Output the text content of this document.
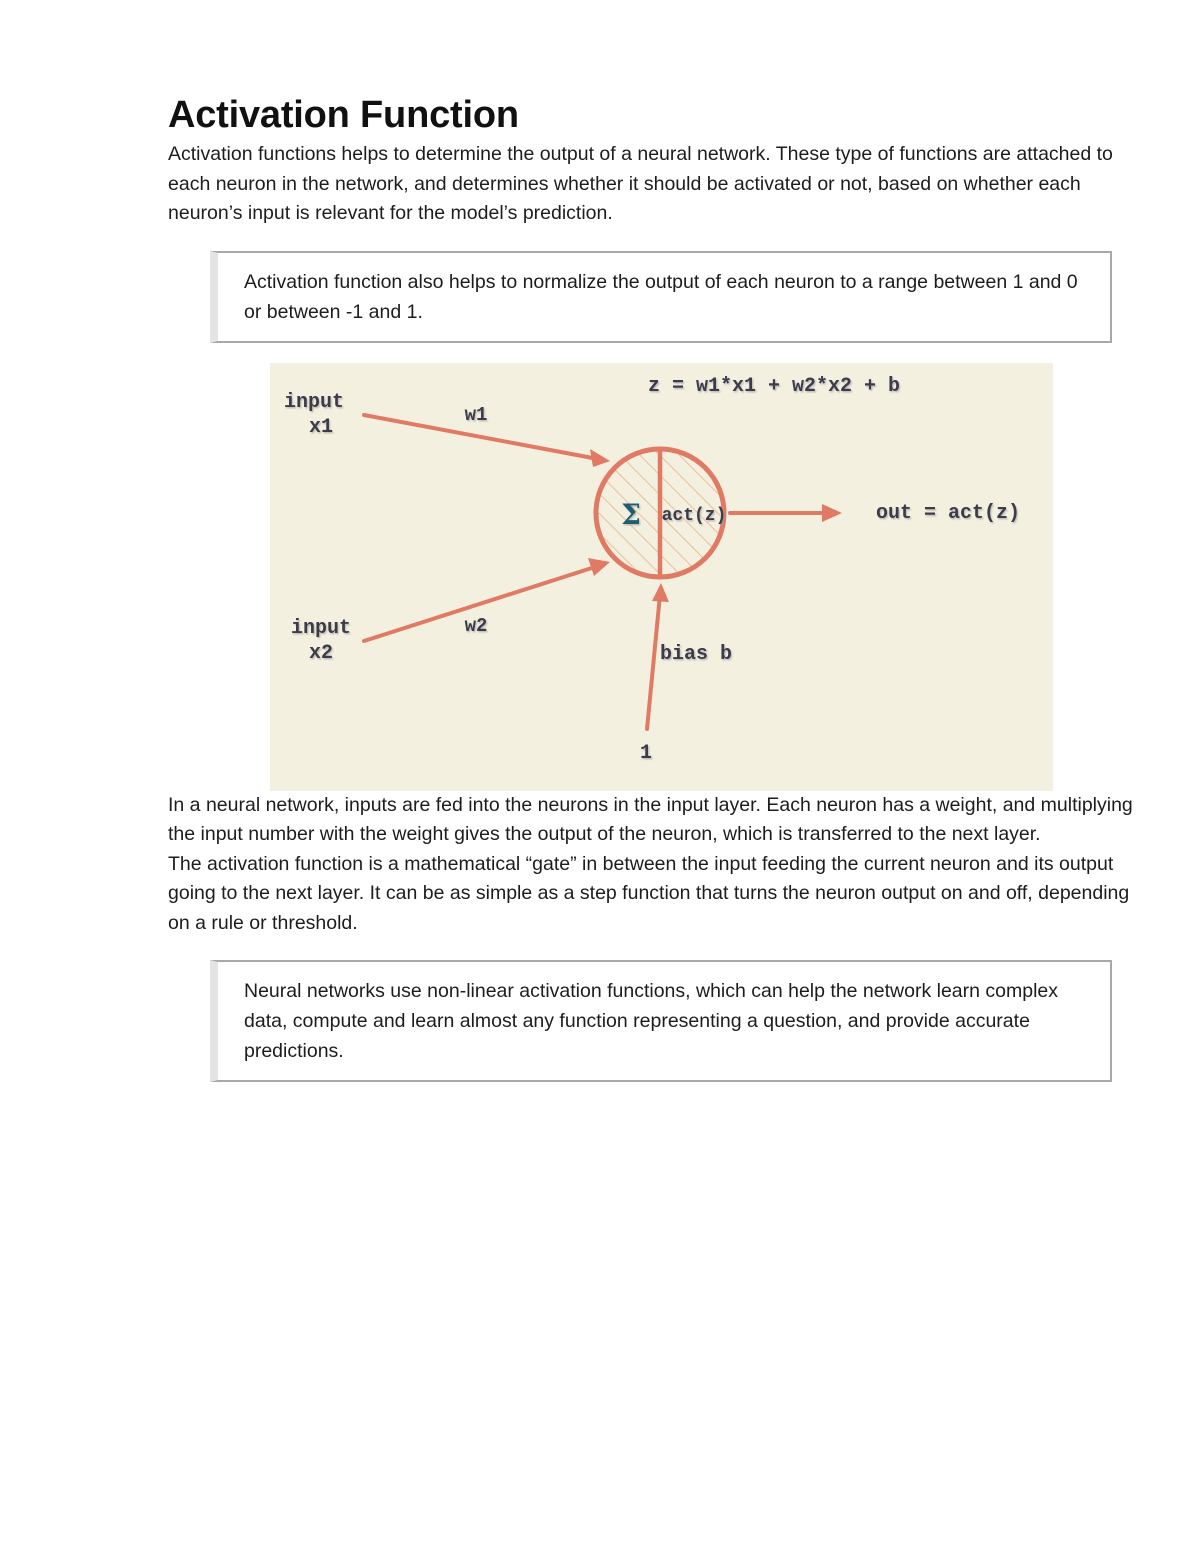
Activation Function

Activation functions helps to determine the output of a neural network. These type of functions are attached to each neuron in the network, and determines whether it should be activated or not, based on whether each neuron’s input is relevant for the model’s prediction.

Activation function also helps to normalize the output of each neuron to a range between 1 and 0 or between -1 and 1.
input
x1
w1
z = w1*x1 + w2*x2 + b
act(z)	out = act(z)
input
x2
w2
bias b
1
Σ

In a neural network, inputs are fed into the neurons in the input layer. Each neuron has a weight, and multiplying the input number with the weight gives the output of the neuron, which is transferred to the next layer.

The activation function is a mathematical “gate” in between the input feeding the current neuron and its output going to the next layer. It can be as simple as a step function that turns the neuron output on and off, depending on a rule or threshold.

Neural networks use non-linear activation functions, which can help the network learn complex data, compute and learn almost any function representing a question, and provide accurate predictions.
